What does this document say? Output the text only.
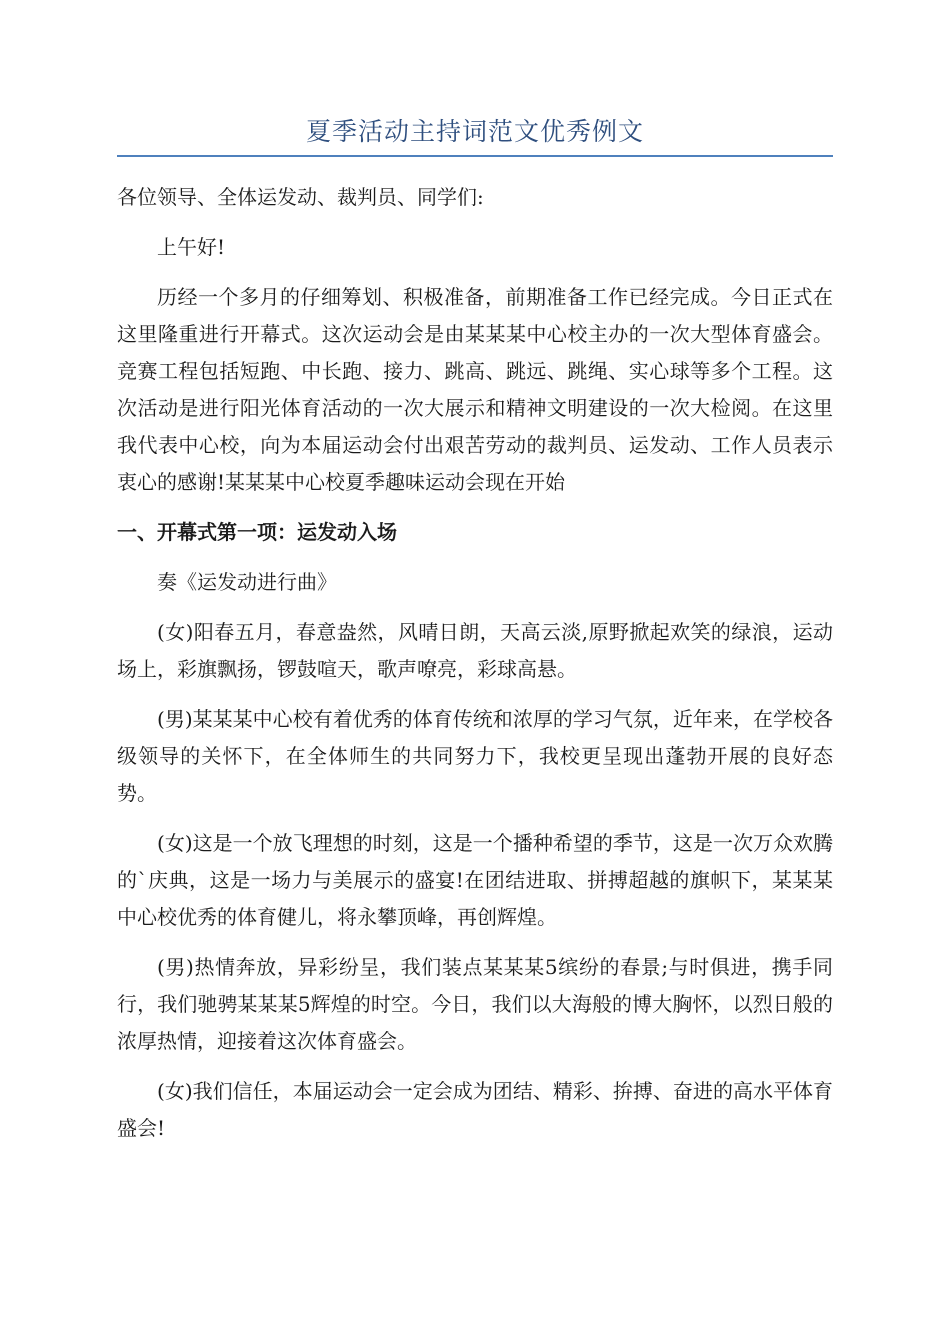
夏季活动主持词范文优秀例文

各位领导、全体运发动、裁判员、同学们:

上午好!

历经一个多月的仔细筹划、积极准备，前期准备工作已经完成。今日正式在这里隆重进行开幕式。这次运动会是由某某某中心校主办的一次大型体育盛会。竞赛工程包括短跑、中长跑、接力、跳高、跳远、跳绳、实心球等多个工程。这次活动是进行阳光体育活动的一次大展示和精神文明建设的一次大检阅。在这里我代表中心校，向为本届运动会付出艰苦劳动的裁判员、运发动、工作人员表示衷心的感谢!某某某中心校夏季趣味运动会现在开始

一、开幕式第一项：运发动入场

奏《运发动进行曲》

(女)阳春五月，春意盎然，风晴日朗，天高云淡,原野掀起欢笑的绿浪，运动场上，彩旗飘扬，锣鼓喧天，歌声嘹亮，彩球高悬。

(男)某某某中心校有着优秀的体育传统和浓厚的学习气氛，近年来，在学校各级领导的关怀下，在全体师生的共同努力下，我校更呈现出蓬勃开展的良好态势。

(女)这是一个放飞理想的时刻，这是一个播种希望的季节，这是一次万众欢腾的`庆典，这是一场力与美展示的盛宴!在团结进取、拼搏超越的旗帜下，某某某中心校优秀的体育健儿，将永攀顶峰，再创辉煌。

(男)热情奔放，异彩纷呈，我们装点某某某5缤纷的春景;与时俱进，携手同行，我们驰骋某某某5辉煌的时空。今日，我们以大海般的博大胸怀，以烈日般的浓厚热情，迎接着这次体育盛会。

(女)我们信任，本届运动会一定会成为团结、精彩、拚搏、奋进的高水平体育盛会!
